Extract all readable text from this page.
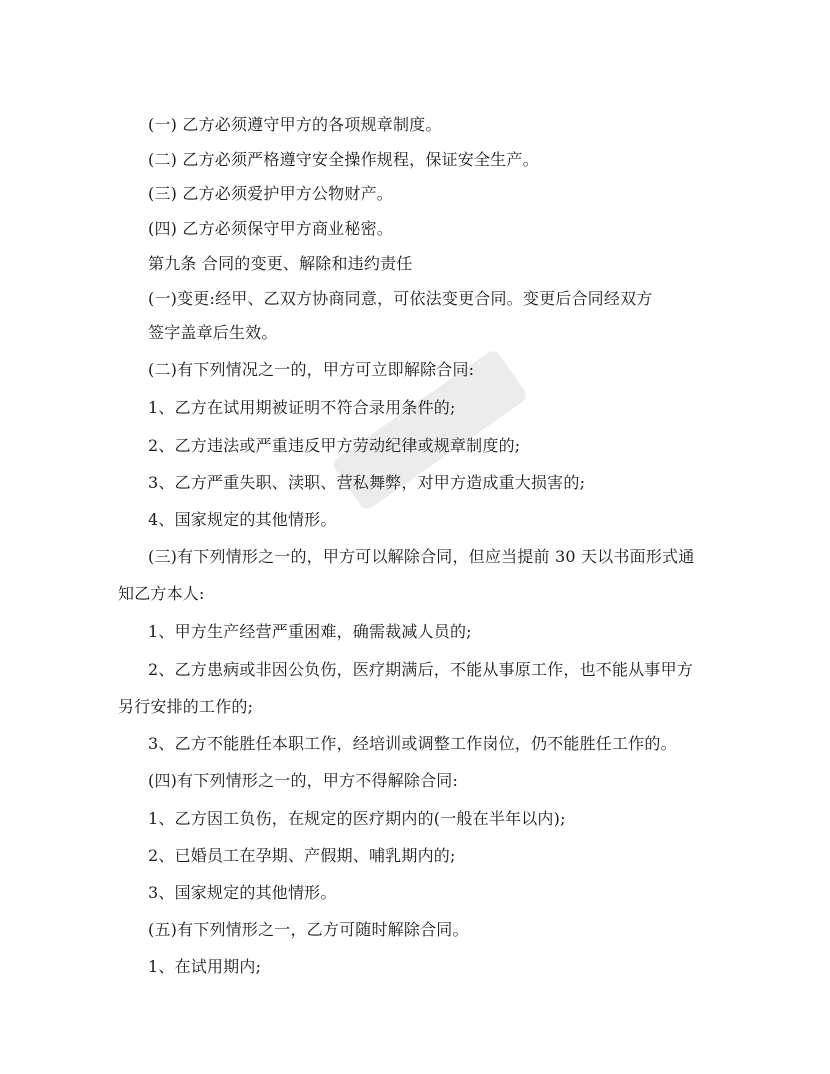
(一) 乙方必须遵守甲方的各项规章制度。
(二) 乙方必须严格遵守安全操作规程，保证安全生产。
(三) 乙方必须爱护甲方公物财产。
(四) 乙方必须保守甲方商业秘密。
第九条 合同的变更、解除和违约责任
(一)变更:经甲、乙双方协商同意，可依法变更合同。变更后合同经双方
签字盖章后生效。
(二)有下列情况之一的，甲方可立即解除合同:
1、乙方在试用期被证明不符合录用条件的;
2、乙方违法或严重违反甲方劳动纪律或规章制度的;
3、乙方严重失职、渎职、营私舞弊，对甲方造成重大损害的;
4、国家规定的其他情形。
(三)有下列情形之一的，甲方可以解除合同，但应当提前 30 天以书面形式通
知乙方本人:
1、甲方生产经营严重困难，确需裁减人员的;
2、乙方患病或非因公负伤，医疗期满后，不能从事原工作，也不能从事甲方
另行安排的工作的;
3、乙方不能胜任本职工作，经培训或调整工作岗位，仍不能胜任工作的。
(四)有下列情形之一的，甲方不得解除合同:
1、乙方因工负伤，在规定的医疗期内的(一般在半年以内);
2、已婚员工在孕期、产假期、哺乳期内的;
3、国家规定的其他情形。
(五)有下列情形之一，乙方可随时解除合同。
1、在试用期内;
